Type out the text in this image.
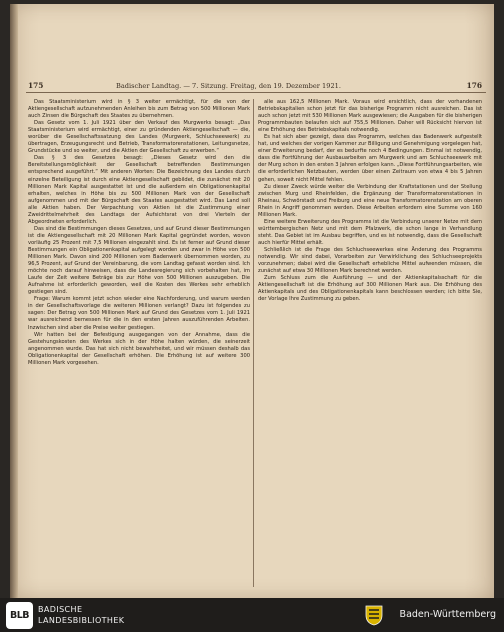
175	Badischer Landtag. — 7. Sitzung. Freitag, den 19. Dezember 1921.	176

Das Staatsministerium wird in § 3 weiter ermächtigt, für die von der Aktiengesellschaft aufzunehmenden Anleihen bis zum Betrag von 500 Millionen Mark auch Zinsen die Bürgschaft des Staates zu übernehmen.

Das Gesetz vom 1. Juli 1921 über den Verkauf des Murgwerks besagt: „Das Staatsministerium wird ermächtigt, einer zu gründenden Aktiengesellschaft — die, worüber die Gesellschaftssatzung des Landes (Murgwerk, Schluchseewerk) zu übertragen, Erzeugungsrecht und Betrieb, Transformatorenstationen, Leitungsnetze, Grundstücke und so weiter, und die Aktien der Gesellschaft zu erwerben.“

Das § 3 des Gesetzes besagt: „Dieses Gesetz wird den die Bereitstellungsmöglichkeit der Gesellschaft betreffenden Bestimmungen entsprechend ausgeführt.“ Mit anderen Worten: Die Bezeichnung des Landes durch einzelne Beteiligung ist durch eine Aktiengesellschaft gebildet, die zunächst mit 20 Millionen Mark Kapital ausgestattet ist und die außerdem ein Obligationenkapital erhalten, welches in Höhe bis zu 500 Millionen Mark von der Gesellschaft aufgenommen und mit der Bürgschaft des Staates ausgestattet wird. Das Land soll alle Aktien haben. Der Verpachtung von Aktien ist die Zustimmung einer Zweidrittelmehrheit des Landtags der Aufsichtsrat von drei Vierteln der Abgeordneten erforderlich.

Das sind die Bestimmungen dieses Gesetzes, und auf Grund dieser Bestimmungen ist die Aktiengesellschaft mit 20 Millionen Mark Kapital gegründet worden, wovon vorläufig 25 Prozent mit 7,5 Millionen eingezahlt sind. Es ist ferner auf Grund dieser Bestimmungen ein Obligationenkapital aufgelegt worden und zwar in Höhe von 500 Millionen Mark. Davon sind 200 Millionen vom Badenwerk übernommen worden, zu 96,5 Prozent, auf Grund der Vereinbarung, die vom Landtag gefasst worden sind. Ich möchte noch darauf hinweisen, dass die Landesregierung sich vorbehalten hat, im Laufe der Zeit weitere Beträge bis zur Höhe von 500 Millionen auszugeben. Die Aufnahme ist erforderlich geworden, weil die Kosten des Werkes sehr erheblich gestiegen sind.

Frage: Warum kommt jetzt schon wieder eine Nachforderung, und warum werden in der Gesellschaftsvorlage die weiteren Millionen verlangt? Dazu ist folgendes zu sagen: Der Betrag von 500 Millionen Mark auf Grund des Gesetzes vom 1. Juli 1921 war ausreichend bemessen für die in den ersten Jahren auszuführenden Arbeiten. Inzwischen sind aber die Preise weiter gestiegen.

Wir hatten bei der Befestigung ausgegangen von der Annahme, dass die Gestehungskosten des Werkes sich in der Höhe halten würden, die seinerzeit angenommen wurde. Das hat sich nicht bewahrheitet, und wir müssen deshalb das Obligationenkapital der Gesellschaft erhöhen. Die Erhöhung ist auf weitere 300 Millionen Mark vorgesehen.

alle aus 162,5 Millionen Mark. Voraus wird ersichtlich, dass der vorhandenen Betriebskapitalien schon jetzt für das bisherige Programm nicht ausreichen. Das ist auch schon jetzt mit 530 Millionen Mark ausgewiesen; die Ausgaben für die bisherigen Programmbauten belaufen sich auf 755,5 Millionen. Daher will Rücksicht hiervon ist eine Erhöhung des Betriebskapitals notwendig.

Es hat sich aber gezeigt, dass das Programm, welches das Badenwerk aufgestellt hat, und welches der vorigen Kammer zur Billigung und Genehmigung vorgelegen hat, einer Erweiterung bedarf, der es bedurfte noch 4 Bedingungen. Einmal ist notwendig, dass die Fortführung der Ausbauarbeiten am Murgwerk und am Schluchseewerk mit der Murg schon in den ersten 3 Jahren erfolgen kann. „Diese Fortführungsarbeiten, wie die erforderlichen Netzbauten, werden über einen Zeitraum von etwa 4 bis 5 Jahren gehen, soweit nicht Mittel fehlen.

Zu dieser Zweck würde weiter die Verbindung der Kraftstationen und der Stellung zwischen Murg und Rheinfelden, die Ergänzung der Transformatorenstationen in Rheinau, Schwörstadt und Freiburg und eine neue Transformatorenstation am oberen Rhein in Angriff genommen werden. Diese Arbeiten erfordern eine Summe von 160 Millionen Mark.

Eine weitere Erweiterung des Programms ist die Verbindung unserer Netze mit dem württembergischen Netz und mit dem Pfalzwerk, die schon lange in Verhandlung steht. Das Gebiet ist im Ausbau begriffen, und es ist notwendig, dass die Gesellschaft auch hierfür Mittel erhält.

Schließlich ist die Frage des Schluchseewerkes eine Änderung des Programms notwendig. Wir sind dabei, Vorarbeiten zur Verwirklichung des Schluchseeprojekts vorzunehmen; dabei wird die Gesellschaft erhebliche Mittel aufwenden müssen, die zunächst auf etwa 30 Millionen Mark berechnet werden.

Zum Schluss zum die Ausführung — und der Aktienkapitalsschaft für die Aktiengesellschaft ist die Erhöhung auf 300 Millionen Mark aus. Die Erhöhung des Aktienkapitals und des Obligationenkapitals kann beschlossen werden; ich bitte Sie, der Vorlage Ihre Zustimmung zu geben.

BLB
BADISCHE
LANDESBIBLIOTHEK
Baden-Württemberg
